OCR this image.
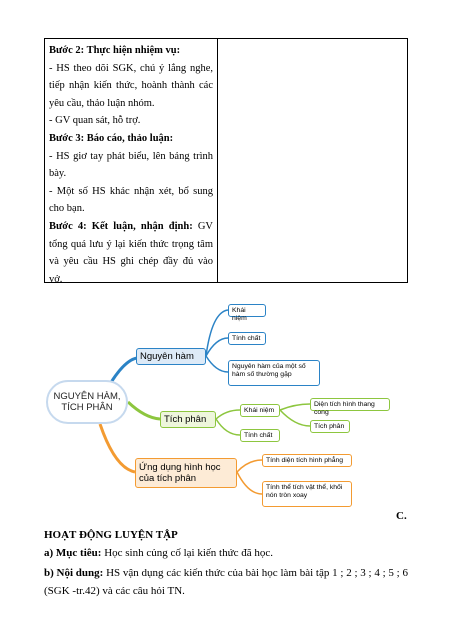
Bước 2: Thực hiện nhiệm vụ:

- HS theo dõi SGK, chú ý lắng nghe, tiếp nhận kiến thức, hoành thành các yêu cầu, thảo luận nhóm.

- GV quan sát, hỗ trợ.

Bước 3: Báo cáo, thảo luận:

- HS giơ tay phát biểu, lên bảng trình bày.

- Một số HS khác nhận xét, bổ sung cho bạn.

Bước 4: Kết luận, nhận định: GV tổng quá lưu ý lại kiến thức trọng tâm và yêu cầu HS ghi chép đầy đủ vào vở.

NGUYÊN HÀM, TÍCH PHÂN
Nguyên hàm
Khái niệm
Tính chất
Nguyên hàm của một số hàm số thường gặp
Tích phân
Khái niệm
Diện tích hình thang cong
Tích phân
Tính chất
Ứng dụng hình học của tích phân
Tính diện tích hình phẳng
Tính thể tích vật thể, khối nón tròn xoay
C.
HOẠT ĐỘNG LUYỆN TẬP
a) Mục tiêu: Học sinh củng cố lại kiến thức đã học.
b) Nội dung: HS vận dụng các kiến thức của bài học làm bài tập 1 ; 2 ; 3 ; 4 ; 5 ; 6 (SGK -tr.42) và các câu hỏi TN.
